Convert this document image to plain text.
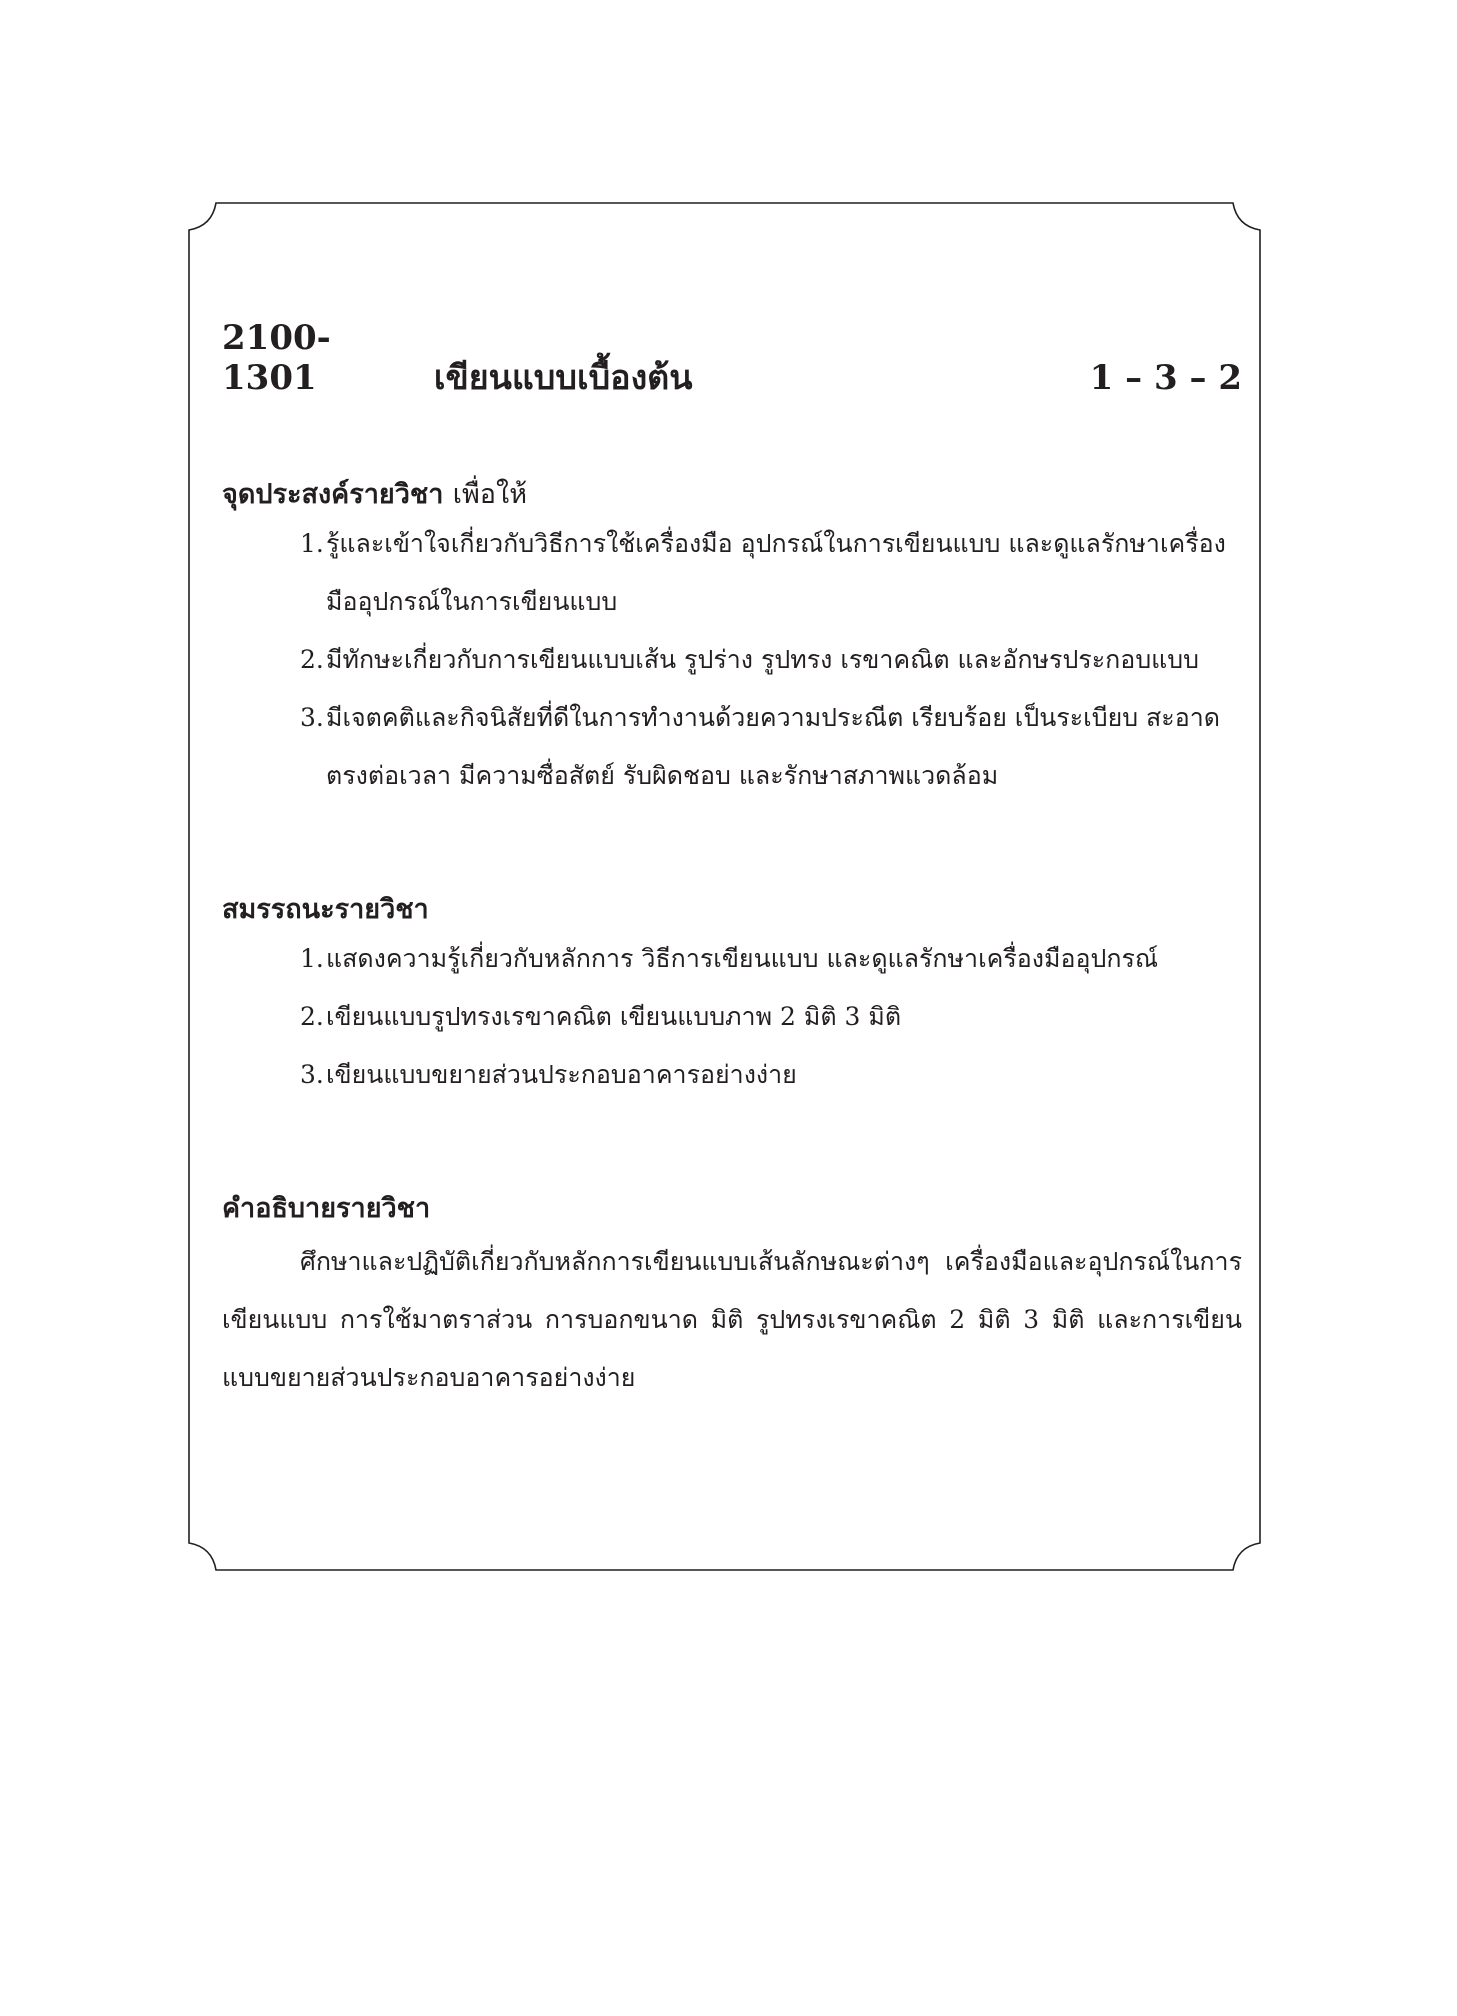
2100-1301	เขียนแบบเบื้องต้น	1 – 3 – 2

จุดประสงค์รายวิชา เพื่อให้

1. รู้และเข้าใจเกี่ยวกับวิธีการใช้เครื่องมือ อุปกรณ์ในการเขียนแบบ และดูแลรักษาเครื่องมืออุปกรณ์ในการเขียนแบบ
2. มีทักษะเกี่ยวกับการเขียนแบบเส้น รูปร่าง รูปทรง เรขาคณิต และอักษรประกอบแบบ
3. มีเจตคติและกิจนิสัยที่ดีในการทำงานด้วยความประณีต เรียบร้อย เป็นระเบียบ สะอาด ตรงต่อเวลา มีความซื่อสัตย์ รับผิดชอบ และรักษาสภาพแวดล้อม

สมรรถนะรายวิชา

1. แสดงความรู้เกี่ยวกับหลักการ วิธีการเขียนแบบ และดูแลรักษาเครื่องมืออุปกรณ์
2. เขียนแบบรูปทรงเรขาคณิต เขียนแบบภาพ 2 มิติ 3 มิติ
3. เขียนแบบขยายส่วนประกอบอาคารอย่างง่าย

คำอธิบายรายวิชา

ศึกษาและปฏิบัติเกี่ยวกับหลักการเขียนแบบเส้นลักษณะต่างๆ เครื่องมือและอุปกรณ์ในการเขียนแบบ การใช้มาตราส่วน การบอกขนาด มิติ รูปทรงเรขาคณิต 2 มิติ 3 มิติ และการเขียนแบบขยายส่วนประกอบอาคารอย่างง่าย
